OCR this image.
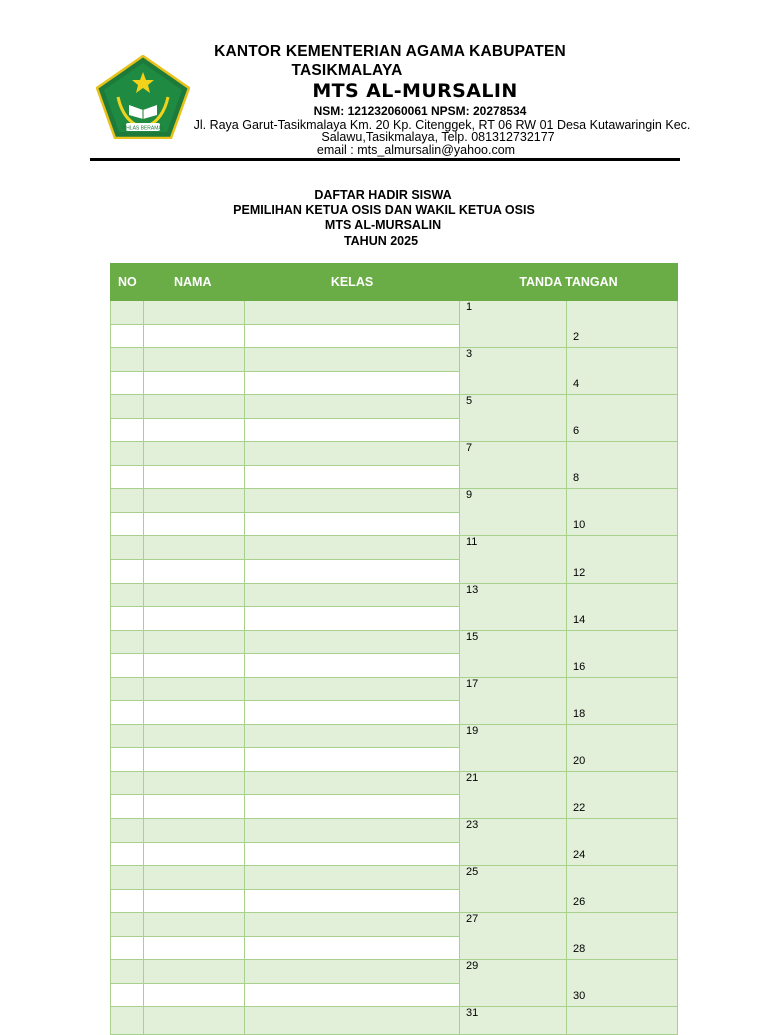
IKHLAS BERAMAL
KANTOR KEMENTERIAN AGAMA KABUPATEN
TASIKMALAYA
MTS AL-MURSALIN
NSM: 121232060061 NPSM: 20278534
Jl. Raya Garut-Tasikmalaya Km. 20 Kp. Citenggek, RT 06 RW 01 Desa Kutawaringin Kec.
Salawu,Tasikmalaya, Telp. 081312732177
email : mts_almursalin@yahoo.com
DAFTAR HADIR SISWA
PEMILIHAN KETUA OSIS DAN WAKIL KETUA OSIS
MTS AL-MURSALIN
TAHUN 2025
NO	NAMA	KELAS	TANDA TANGAN	
			1	2

			3	4

			5	6

			7	8

			9	10

			11	12

			13	14

			15	16

			17	18

			19	20

			21	22

			23	24

			25	26

			27	28

			29	30

			31	
